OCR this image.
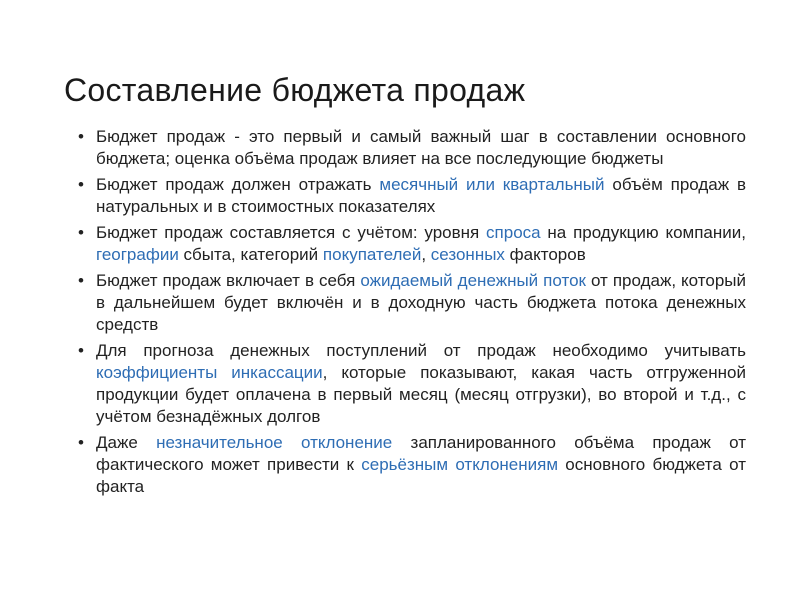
Составление бюджета продаж
• Бюджет продаж - это первый и самый важный шаг в составлении основного бюджета; оценка объёма продаж влияет на все последующие бюджеты
• Бюджет продаж должен отражать месячный или квартальный объём продаж в натуральных и в стоимостных показателях
• Бюджет продаж составляется с учётом: уровня спроса на продукцию компании, географии сбыта, категорий покупателей, сезонных факторов
• Бюджет продаж включает в себя ожидаемый денежный поток от продаж, который в дальнейшем будет включён и в доходную часть бюджета потока денежных средств
• Для прогноза денежных поступлений от продаж необходимо учитывать коэффициенты инкассации, которые показывают, какая часть отгруженной продукции будет оплачена в первый месяц (месяц отгрузки), во второй и т.д., с учётом безнадёжных долгов
• Даже незначительное отклонение запланированного объёма продаж от фактического может привести к серьёзным отклонениям основного бюджета от факта
